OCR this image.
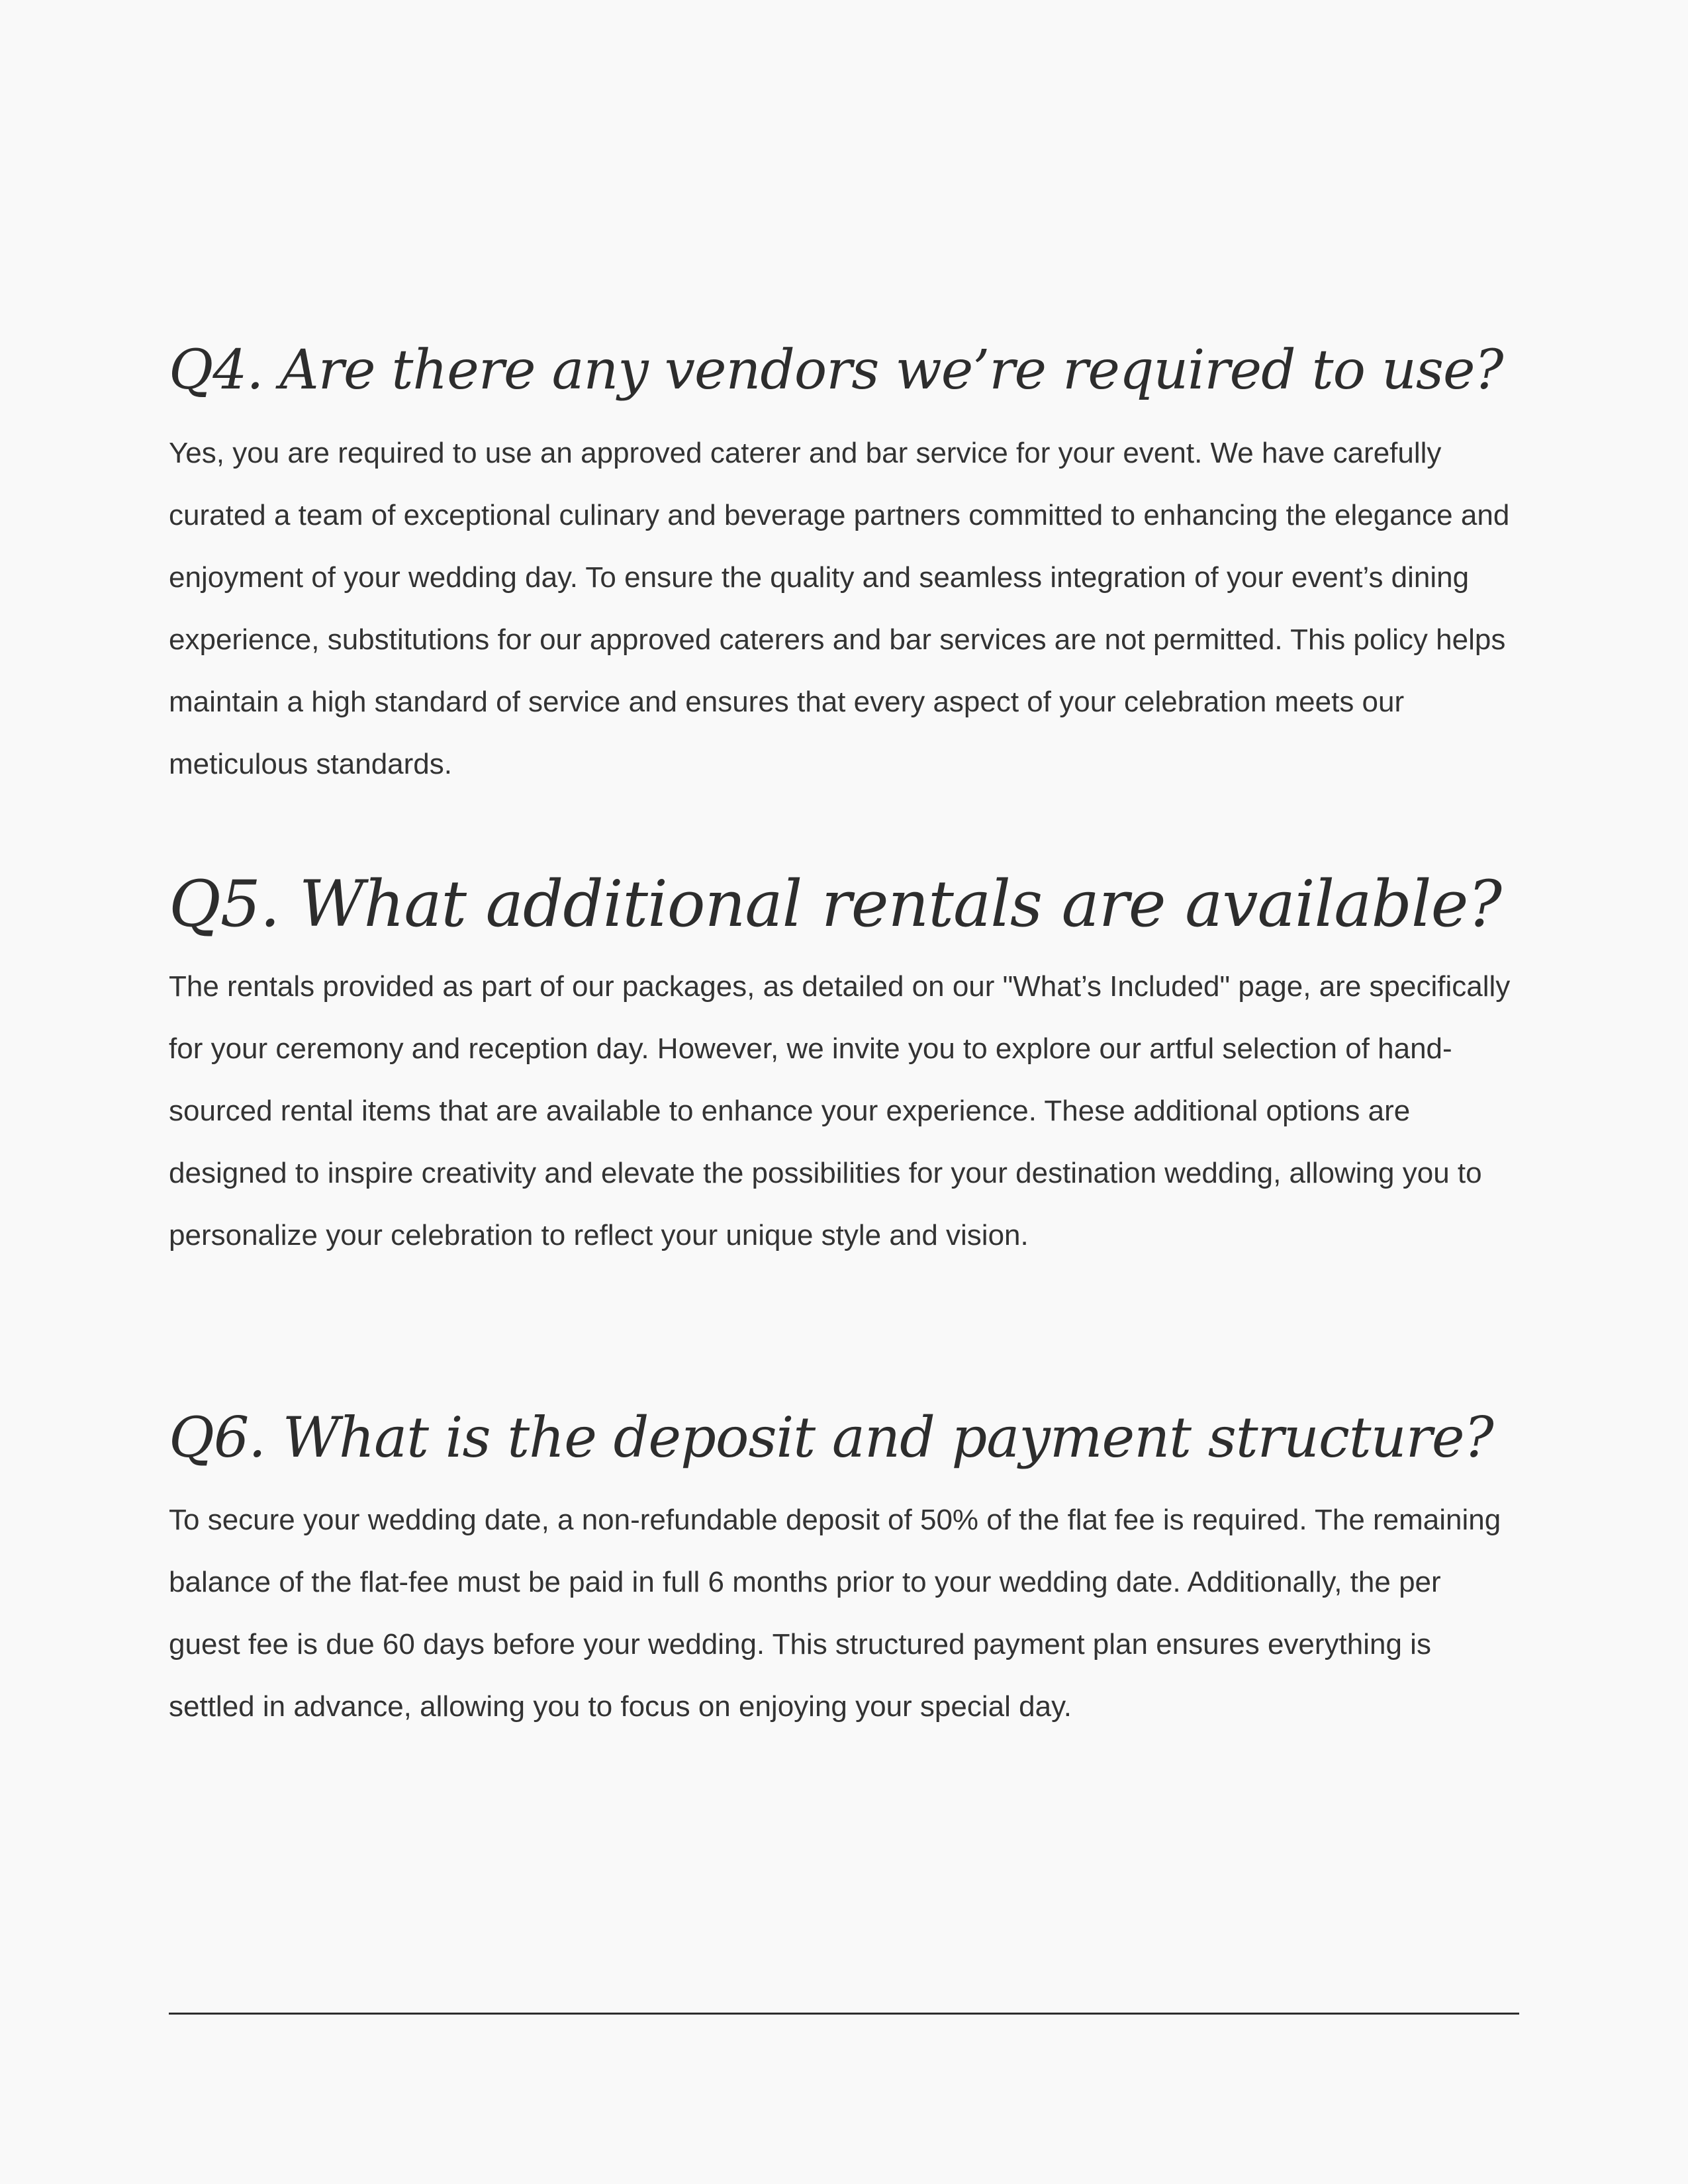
Q4. Are there any vendors we’re required to use?

Yes, you are required to use an approved caterer and bar service for your event. We have carefully curated a team of exceptional culinary and beverage partners committed to enhancing the elegance and enjoyment of your wedding day. To ensure the quality and seamless integration of your event’s dining experience, substitutions for our approved caterers and bar services are not permitted. This policy helps maintain a high standard of service and ensures that every aspect of your celebration meets our meticulous standards.

Q5. What additional rentals are available?

The rentals provided as part of our packages, as detailed on our "What’s Included" page, are specifically for your ceremony and reception day. However, we invite you to explore our artful selection of hand-sourced rental items that are available to enhance your experience. These additional options are designed to inspire creativity and elevate the possibilities for your destination wedding, allowing you to personalize your celebration to reflect your unique style and vision.

Q6. What is the deposit and payment structure?

To secure your wedding date, a non-refundable deposit of 50% of the flat fee is required. The remaining balance of the flat-fee must be paid in full 6 months prior to your wedding date. Additionally, the per guest fee is due 60 days before your wedding. This structured payment plan ensures everything is settled in advance, allowing you to focus on enjoying your special day.
